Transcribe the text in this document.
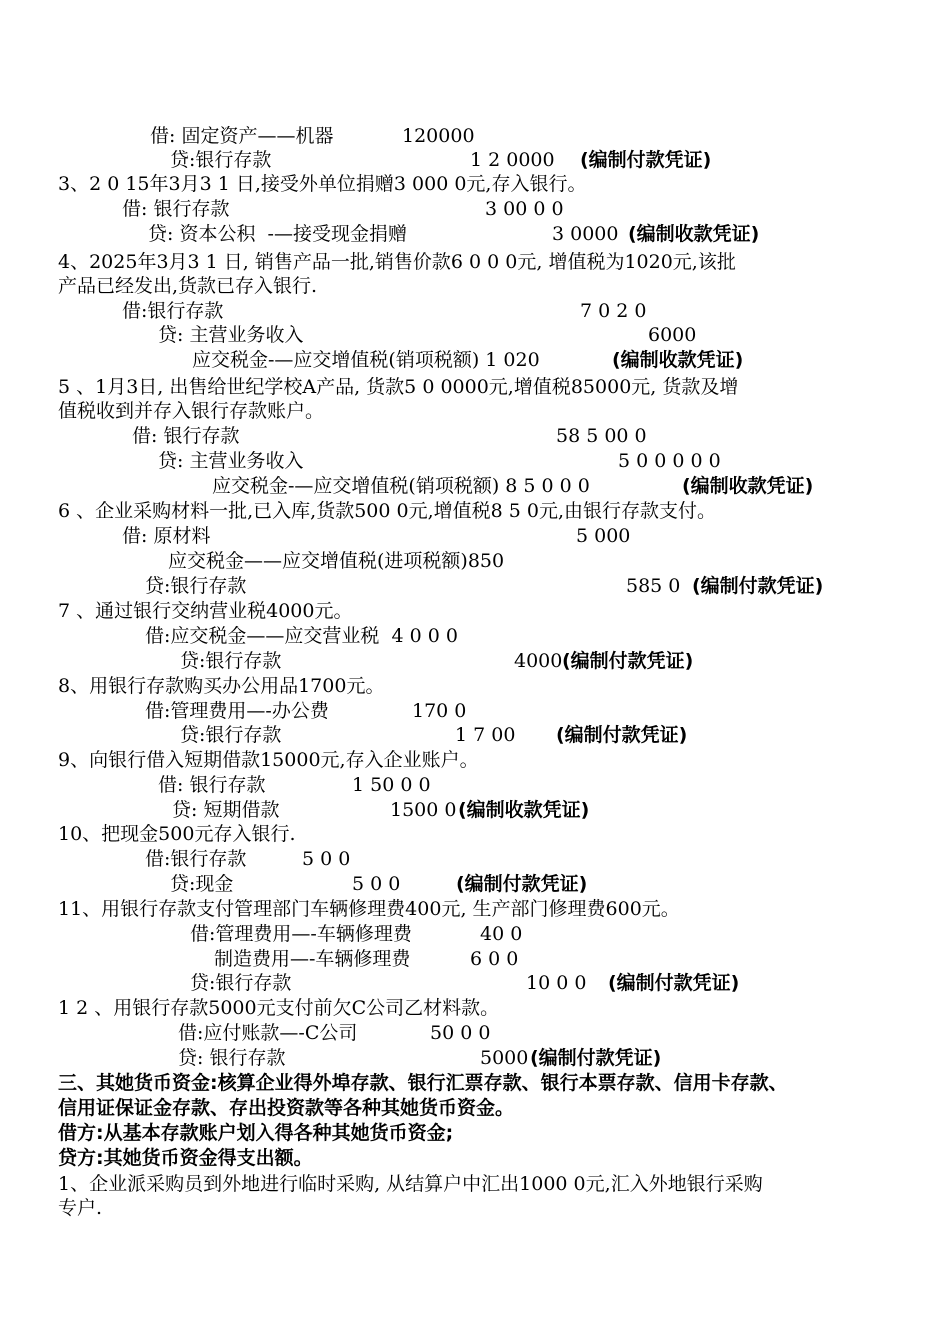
借: 固定资产——机器	120000
贷:银行存款	1 2 0000 (编制付款凭证)
3、2 0 15年3月3 1 日,接受外单位捐赠3 000 0元,存入银行。
借: 银行存款	3 00 0 0
贷: 资本公积  -—接受现金捐赠	3 0000 (编制收款凭证)
4、2025年3月3 1 日, 销售产品一批,销售价款6 0 0 0元, 增值税为1020元,该批
产品已经发出,货款已存入银行.
借:银行存款	7 0 2 0
贷: 主营业务收入	6000
应交税金-—应交增值税(销项税额) 1 020	(编制收款凭证)
5 、1月3日, 出售给世纪学校A产品, 货款5 0 0000元,增值税85000元, 货款及增
值税收到并存入银行存款账户。
借: 银行存款	58 5 00 0
贷: 主营业务收入	5 0 0 0 0 0
应交税金-—应交增值税(销项税额) 8 5 0 0 0	(编制收款凭证)
6 、企业采购材料一批,已入库,货款500 0元,增值税8 5 0元,由银行存款支付。
借: 原材料	5 000
应交税金——应交增值税(进项税额)850
贷:银行存款	585 0 (编制付款凭证)
7 、通过银行交纳营业税4000元。
借:应交税金——应交营业税  4 0 0 0
贷:银行存款	4000 (编制付款凭证)
8、用银行存款购买办公用品1700元。
借:管理费用—-办公费	170 0
贷:银行存款	1 7 00 (编制付款凭证)
9、向银行借入短期借款15000元,存入企业账户。
借: 银行存款	1 50 0 0
贷: 短期借款	1500 0 (编制收款凭证)
10、把现金500元存入银行.
借:银行存款	5 0 0
贷:现金	5 0 0	(编制付款凭证)
11、用银行存款支付管理部门车辆修理费400元, 生产部门修理费600元。
借:管理费用—-车辆修理费	40 0
制造费用—-车辆修理费	6 0 0
贷:银行存款	10 0 0 (编制付款凭证)
1 2 、用银行存款5000元支付前欠C公司乙材料款。
借:应付账款—-C公司	50 0 0
贷: 银行存款	5000 (编制付款凭证)
三、其她货币资金:核算企业得外埠存款、银行汇票存款、银行本票存款、信用卡存款、
信用证保证金存款、存出投资款等各种其她货币资金。
借方:从基本存款账户划入得各种其她货币资金;
贷方:其她货币资金得支出额。
1、企业派采购员到外地进行临时采购, 从结算户中汇出1000 0元,汇入外地银行采购
专户.
